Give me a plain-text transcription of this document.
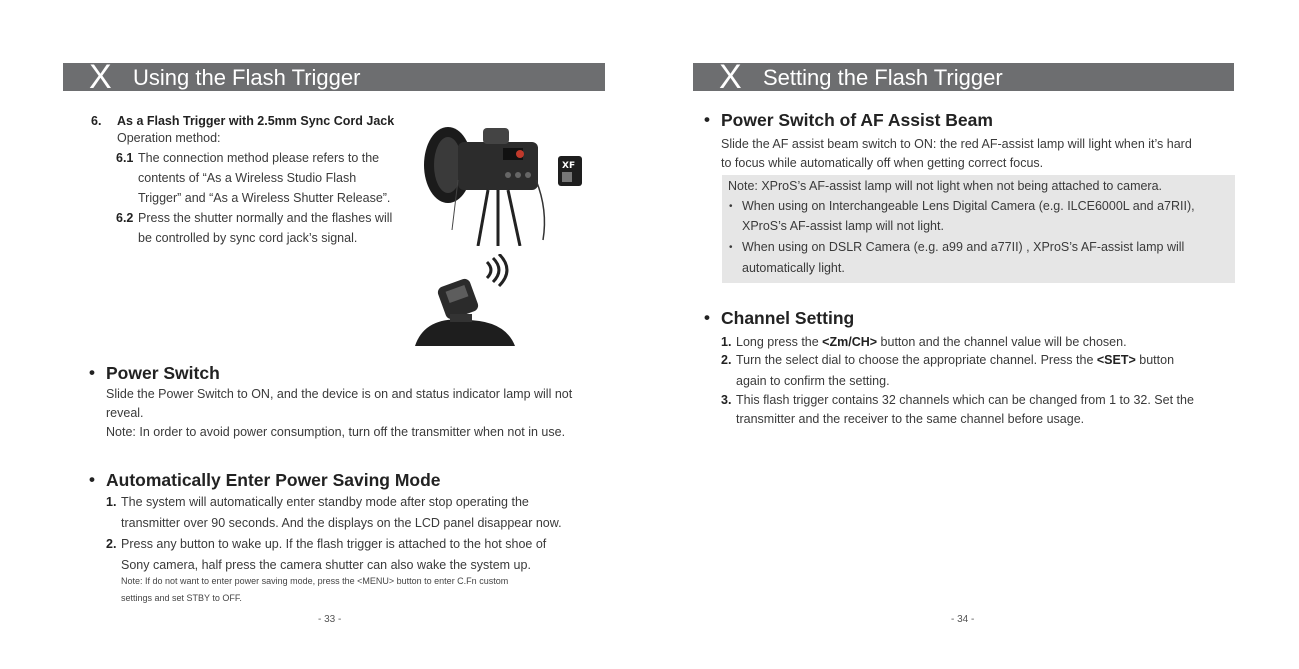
X Using the Flash Trigger
6. As a Flash Trigger with 2.5mm Sync Cord Jack
Operation method:
6.1 The connection method please refers to the
contents of “As a Wireless Studio Flash
Trigger” and “As a Wireless Shutter Release”.
6.2 Press the shutter normally and the flashes will
be controlled by sync cord jack’s signal.
XF
• Power Switch
Slide the Power Switch to ON, and the device is on and status indicator lamp will not
reveal.
Note: In order to avoid power consumption, turn off the transmitter when not in use.
• Automatically Enter Power Saving Mode
1. The system will automatically enter standby mode after stop operating the
transmitter over 90 seconds. And the displays on the LCD panel disappear now.
2. Press any button to wake up. If the flash trigger is attached to the hot shoe of
Sony camera, half press the camera shutter can also wake the system up.
Note: If do not want to enter power saving mode, press the <MENU> button to enter C.Fn custom
settings and set STBY to OFF.
- 33 -
X Setting the Flash Trigger
• Power Switch of AF Assist Beam
Slide the AF assist beam switch to ON: the red AF-assist lamp will light when it’s hard
to focus while automatically off when getting correct focus.
Note: XProS’s AF-assist lamp will not light when not being attached to camera.
• When using on Interchangeable Lens Digital Camera (e.g. ILCE6000L and a7RII),
XProS’s AF-assist lamp will not light.
• When using on DSLR Camera (e.g. a99 and a77II) , XProS’s AF-assist lamp will
automatically light.
• Channel Setting
1. Long press the <Zm/CH> button and the channel value will be chosen.
2. Turn the select dial to choose the appropriate channel. Press the <SET> button
again to confirm the setting.
3. This flash trigger contains 32 channels which can be changed from 1 to 32. Set the
transmitter and the receiver to the same channel before usage.
- 34 -
